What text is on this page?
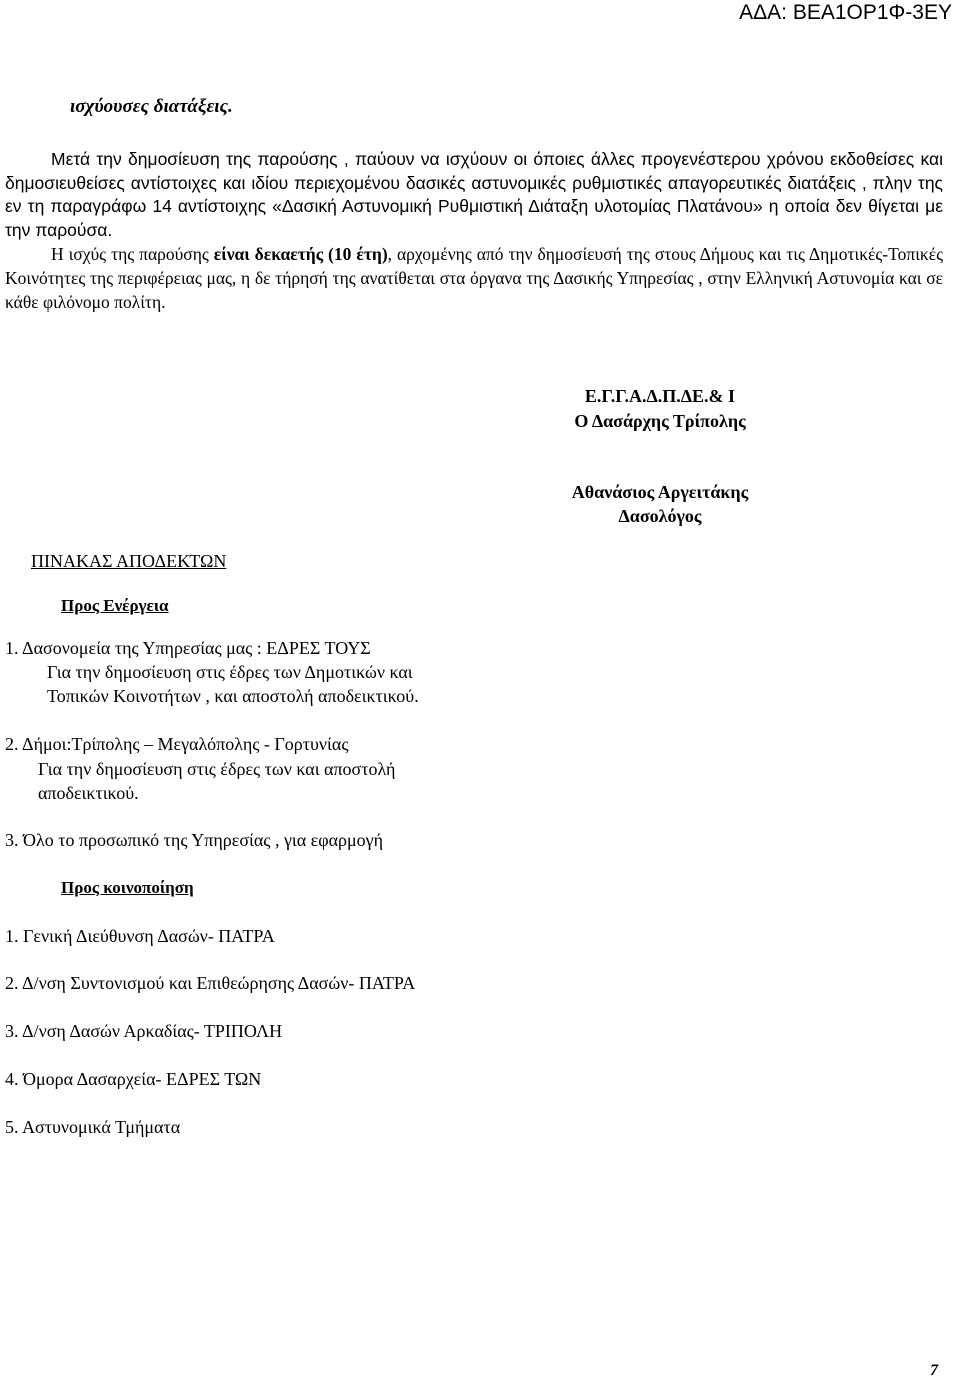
ΑΔΑ: ΒΕΑ1ΟΡ1Φ-3ΕΥ
ισχύουσες διατάξεις.
Μετά την δημοσίευση της παρούσης , παύουν να ισχύουν οι όποιες άλλες προγενέστερου χρόνου εκδοθείσες και δημοσιευθείσες αντίστοιχες και ιδίου περιεχομένου δασικές αστυνομικές ρυθμιστικές απαγορευτικές διατάξεις , πλην της εν τη παραγράφω 14 αντίστοιχης «Δασική Αστυνομική Ρυθμιστική Διάταξη υλοτομίας Πλατάνου» η οποία δεν θίγεται με την παρούσα.
Η ισχύς της παρούσης είναι δεκαετής (10 έτη), αρχομένης από την δημοσίευσή της στους Δήμους και τις Δημοτικές-Τοπικές Κοινότητες της περιφέρειας μας, η δε τήρησή της ανατίθεται στα όργανα της Δασικής Υπηρεσίας , στην Ελληνική Αστυνομία και σε κάθε φιλόνομο πολίτη.
Ε.Γ.Γ.Α.Δ.Π.ΔΕ.& Ι
Ο Δασάρχης Τρίπολης
Αθανάσιος Αργειτάκης
Δασολόγος
ΠΙΝΑΚΑΣ ΑΠΟΔΕΚΤΩΝ
Προς Ενέργεια
1. Δασονομεία της Υπηρεσίας μας : ΕΔΡΕΣ ΤΟΥΣ
Για την δημοσίευση στις έδρες των Δημοτικών και
Τοπικών Κοινοτήτων , και αποστολή αποδεικτικού.
2. Δήμοι:Τρίπολης – Μεγαλόπολης - Γορτυνίας
Για την δημοσίευση στις έδρες των και αποστολή
αποδεικτικού.
3. Όλο το προσωπικό της Υπηρεσίας , για εφαρμογή
Προς κοινοποίηση
1. Γενική Διεύθυνση Δασών- ΠΑΤΡΑ
2. Δ/νση Συντονισμού και Επιθεώρησης Δασών- ΠΑΤΡΑ
3. Δ/νση Δασών Αρκαδίας- ΤΡΙΠΟΛΗ
4. Όμορα Δασαρχεία- ΕΔΡΕΣ ΤΩΝ
5. Αστυνομικά Τμήματα
7
